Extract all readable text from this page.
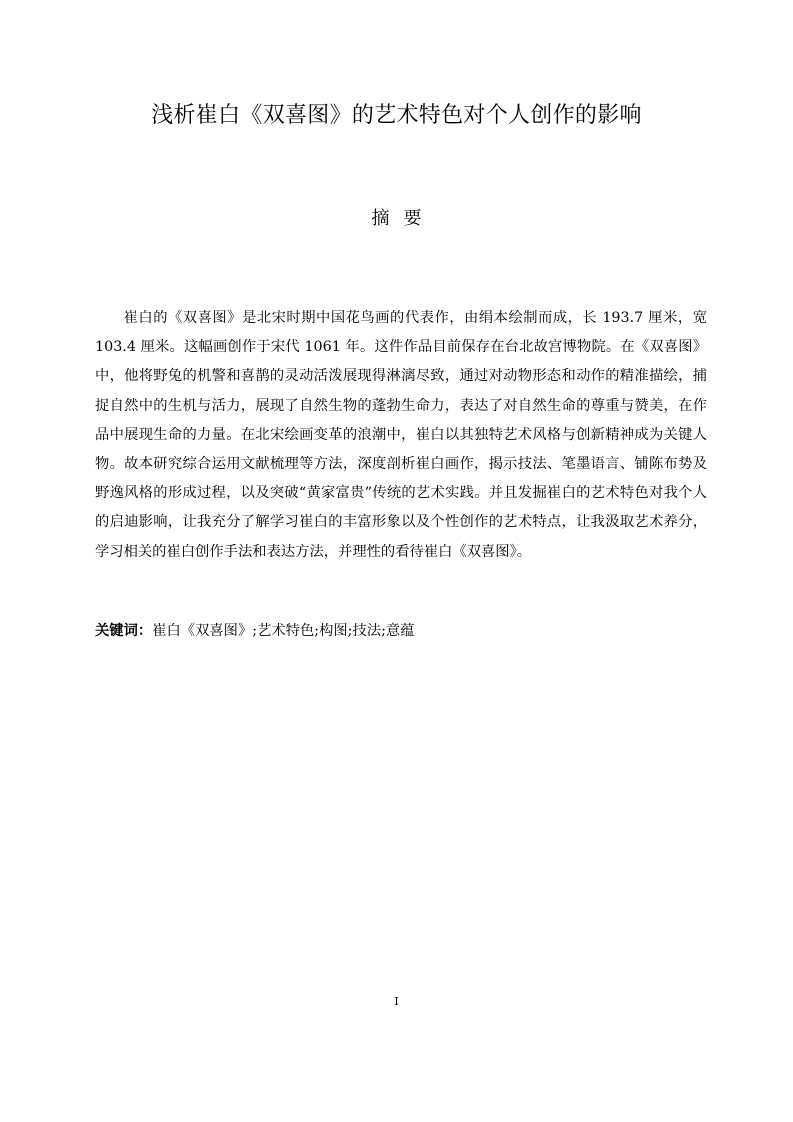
浅析崔白《双喜图》的艺术特色对个人创作的影响
摘要
崔白的《双喜图》是北宋时期中国花鸟画的代表作，由绢本绘制而成，长 193.7 厘米，宽 103.4 厘米。这幅画创作于宋代 1061 年。这件作品目前保存在台北故宫博物院。在《双喜图》中，他将野兔的机警和喜鹊的灵动活泼展现得淋漓尽致，通过对动物形态和动作的精准描绘，捕捉自然中的生机与活力，展现了自然生物的蓬勃生命力，表达了对自然生命的尊重与赞美，在作品中展现生命的力量。在北宋绘画变革的浪潮中，崔白以其独特艺术风格与创新精神成为关键人物。故本研究综合运用文献梳理等方法，深度剖析崔白画作，揭示技法、笔墨语言、铺陈布势及野逸风格的形成过程，以及突破“黄家富贵”传统的艺术实践。并且发掘崔白的艺术特色对我个人的启迪影响，让我充分了解学习崔白的丰富形象以及个性创作的艺术特点，让我汲取艺术养分，学习相关的崔白创作手法和表达方法，并理性的看待崔白《双喜图》。
关键词：崔白《双喜图》;艺术特色;构图;技法;意蕴
I
